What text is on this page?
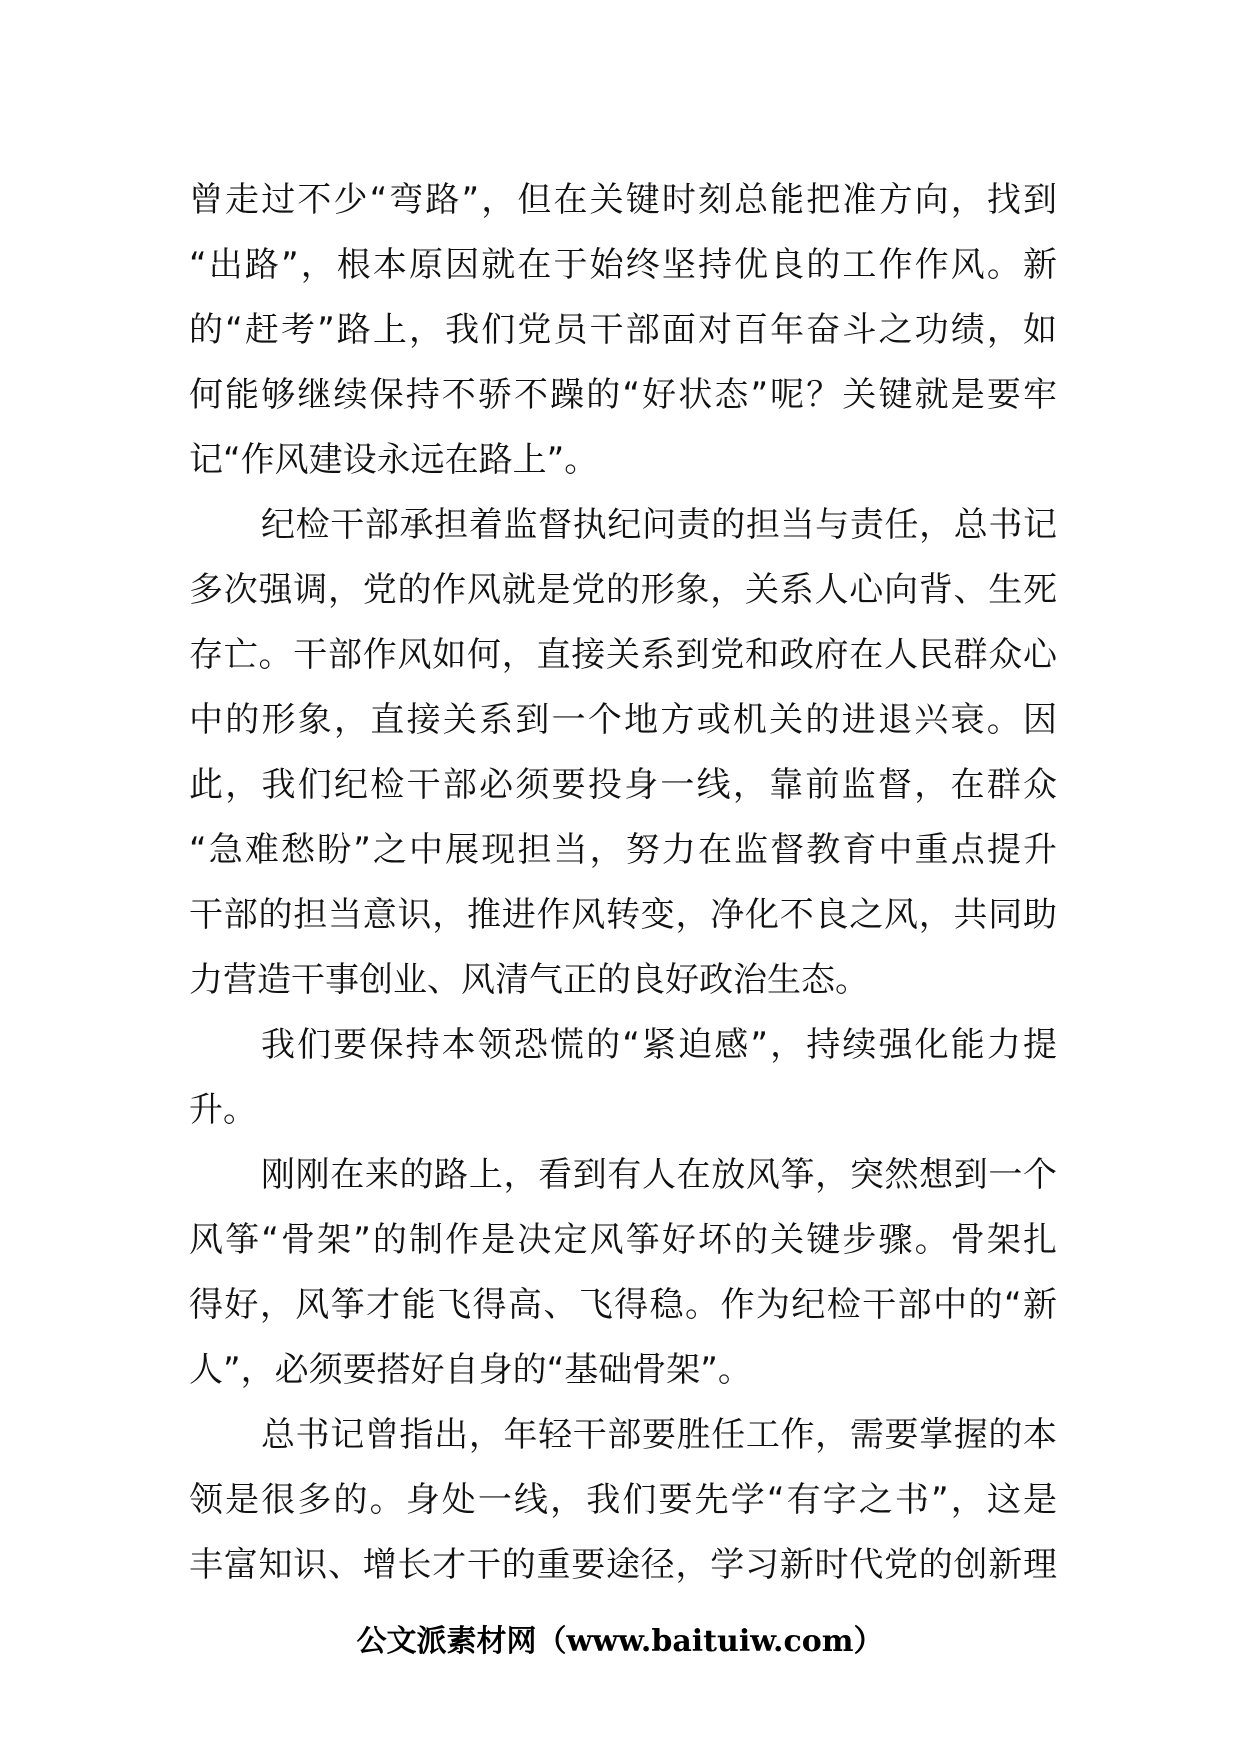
曾走过不少“弯路”，但在关键时刻总能把准方向，找到
“出路”，根本原因就在于始终坚持优良的工作作风。新
的“赶考”路上，我们党员干部面对百年奋斗之功绩，如
何能够继续保持不骄不躁的“好状态”呢？关键就是要牢
记“作风建设永远在路上”。
纪检干部承担着监督执纪问责的担当与责任，总书记
多次强调，党的作风就是党的形象，关系人心向背、生死
存亡。干部作风如何，直接关系到党和政府在人民群众心
中的形象，直接关系到一个地方或机关的进退兴衰。因
此，我们纪检干部必须要投身一线，靠前监督，在群众
“急难愁盼”之中展现担当，努力在监督教育中重点提升
干部的担当意识，推进作风转变，净化不良之风，共同助
力营造干事创业、风清气正的良好政治生态。
我们要保持本领恐慌的“紧迫感”，持续强化能力提
升。
刚刚在来的路上，看到有人在放风筝，突然想到一个
风筝“骨架”的制作是决定风筝好坏的关键步骤。骨架扎
得好，风筝才能飞得高、飞得稳。作为纪检干部中的“新
人”，必须要搭好自身的“基础骨架”。
总书记曾指出，年轻干部要胜任工作，需要掌握的本
领是很多的。身处一线，我们要先学“有字之书”，这是
丰富知识、增长才干的重要途径，学习新时代党的创新理
公文派素材网（www.baituiw.com）
